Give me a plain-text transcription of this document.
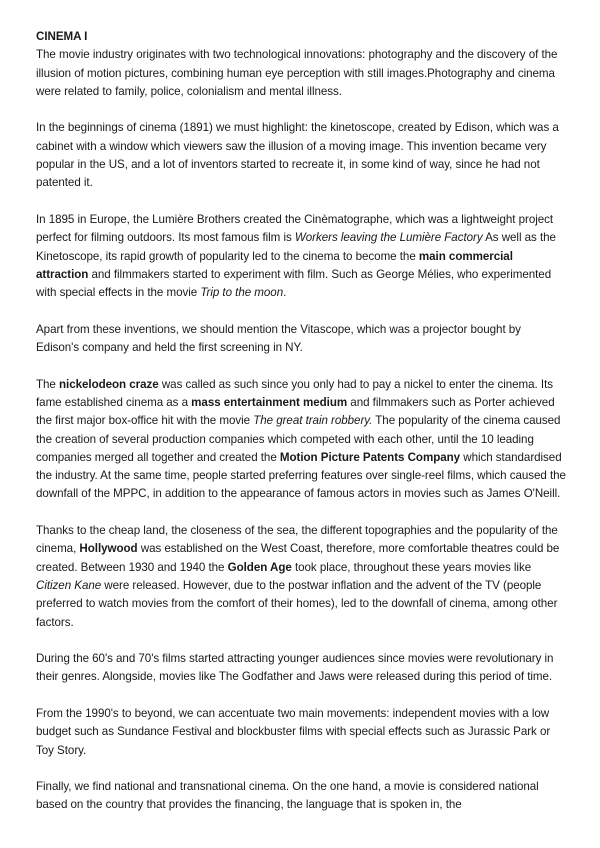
CINEMA I

The movie industry originates with two technological innovations: photography and the discovery of the illusion of motion pictures, combining human eye perception with still images.Photography and cinema were related to family, police, colonialism and mental illness.

In the beginnings of cinema (1891) we must highlight: the kinetoscope, created by Edison, which was a cabinet with a window which viewers saw the illusion of a moving image. This invention became very popular in the US, and a lot of inventors started to recreate it, in some kind of way, since he had not patented it.

In 1895 in Europe, the Lumière Brothers created the Cinèmatographe, which was a lightweight project perfect for filming outdoors. Its most famous film is Workers leaving the Lumière Factory As well as the Kinetoscope, its rapid growth of popularity led to the cinema to become the main commercial attraction and filmmakers started to experiment with film. Such as George Mélies, who experimented with special effects in the movie Trip to the moon.

Apart from these inventions, we should mention the Vitascope, which was a projector bought by Edison's company and held the first screening in NY.

The nickelodeon craze was called as such since you only had to pay a nickel to enter the cinema. Its fame established cinema as a mass entertainment medium and filmmakers such as Porter achieved the first major box-office hit with the movie The great train robbery. The popularity of the cinema caused the creation of several production companies which competed with each other, until the 10 leading companies merged all together and created the Motion Picture Patents Company which standardised the industry. At the same time, people started preferring features over single-reel films, which caused the downfall of the MPPC, in addition to the appearance of famous actors in movies such as James O'Neill.

Thanks to the cheap land, the closeness of the sea, the different topographies and the popularity of the cinema, Hollywood was established on the West Coast, therefore, more comfortable theatres could be created. Between 1930 and 1940 the Golden Age took place, throughout these years movies like Citizen Kane were released. However, due to the postwar inflation and the advent of the TV (people preferred to watch movies from the comfort of their homes), led to the downfall of cinema, among other factors.

During the 60's and 70's films started attracting younger audiences since movies were revolutionary in their genres. Alongside, movies like The Godfather and Jaws were released during this period of time.

From the 1990's to beyond, we can accentuate two main movements: independent movies with a low budget such as Sundance Festival and blockbuster films with special effects such as Jurassic Park or Toy Story.

Finally, we find national and transnational cinema. On the one hand, a movie is considered national based on the country that provides the financing, the language that is spoken in, the
